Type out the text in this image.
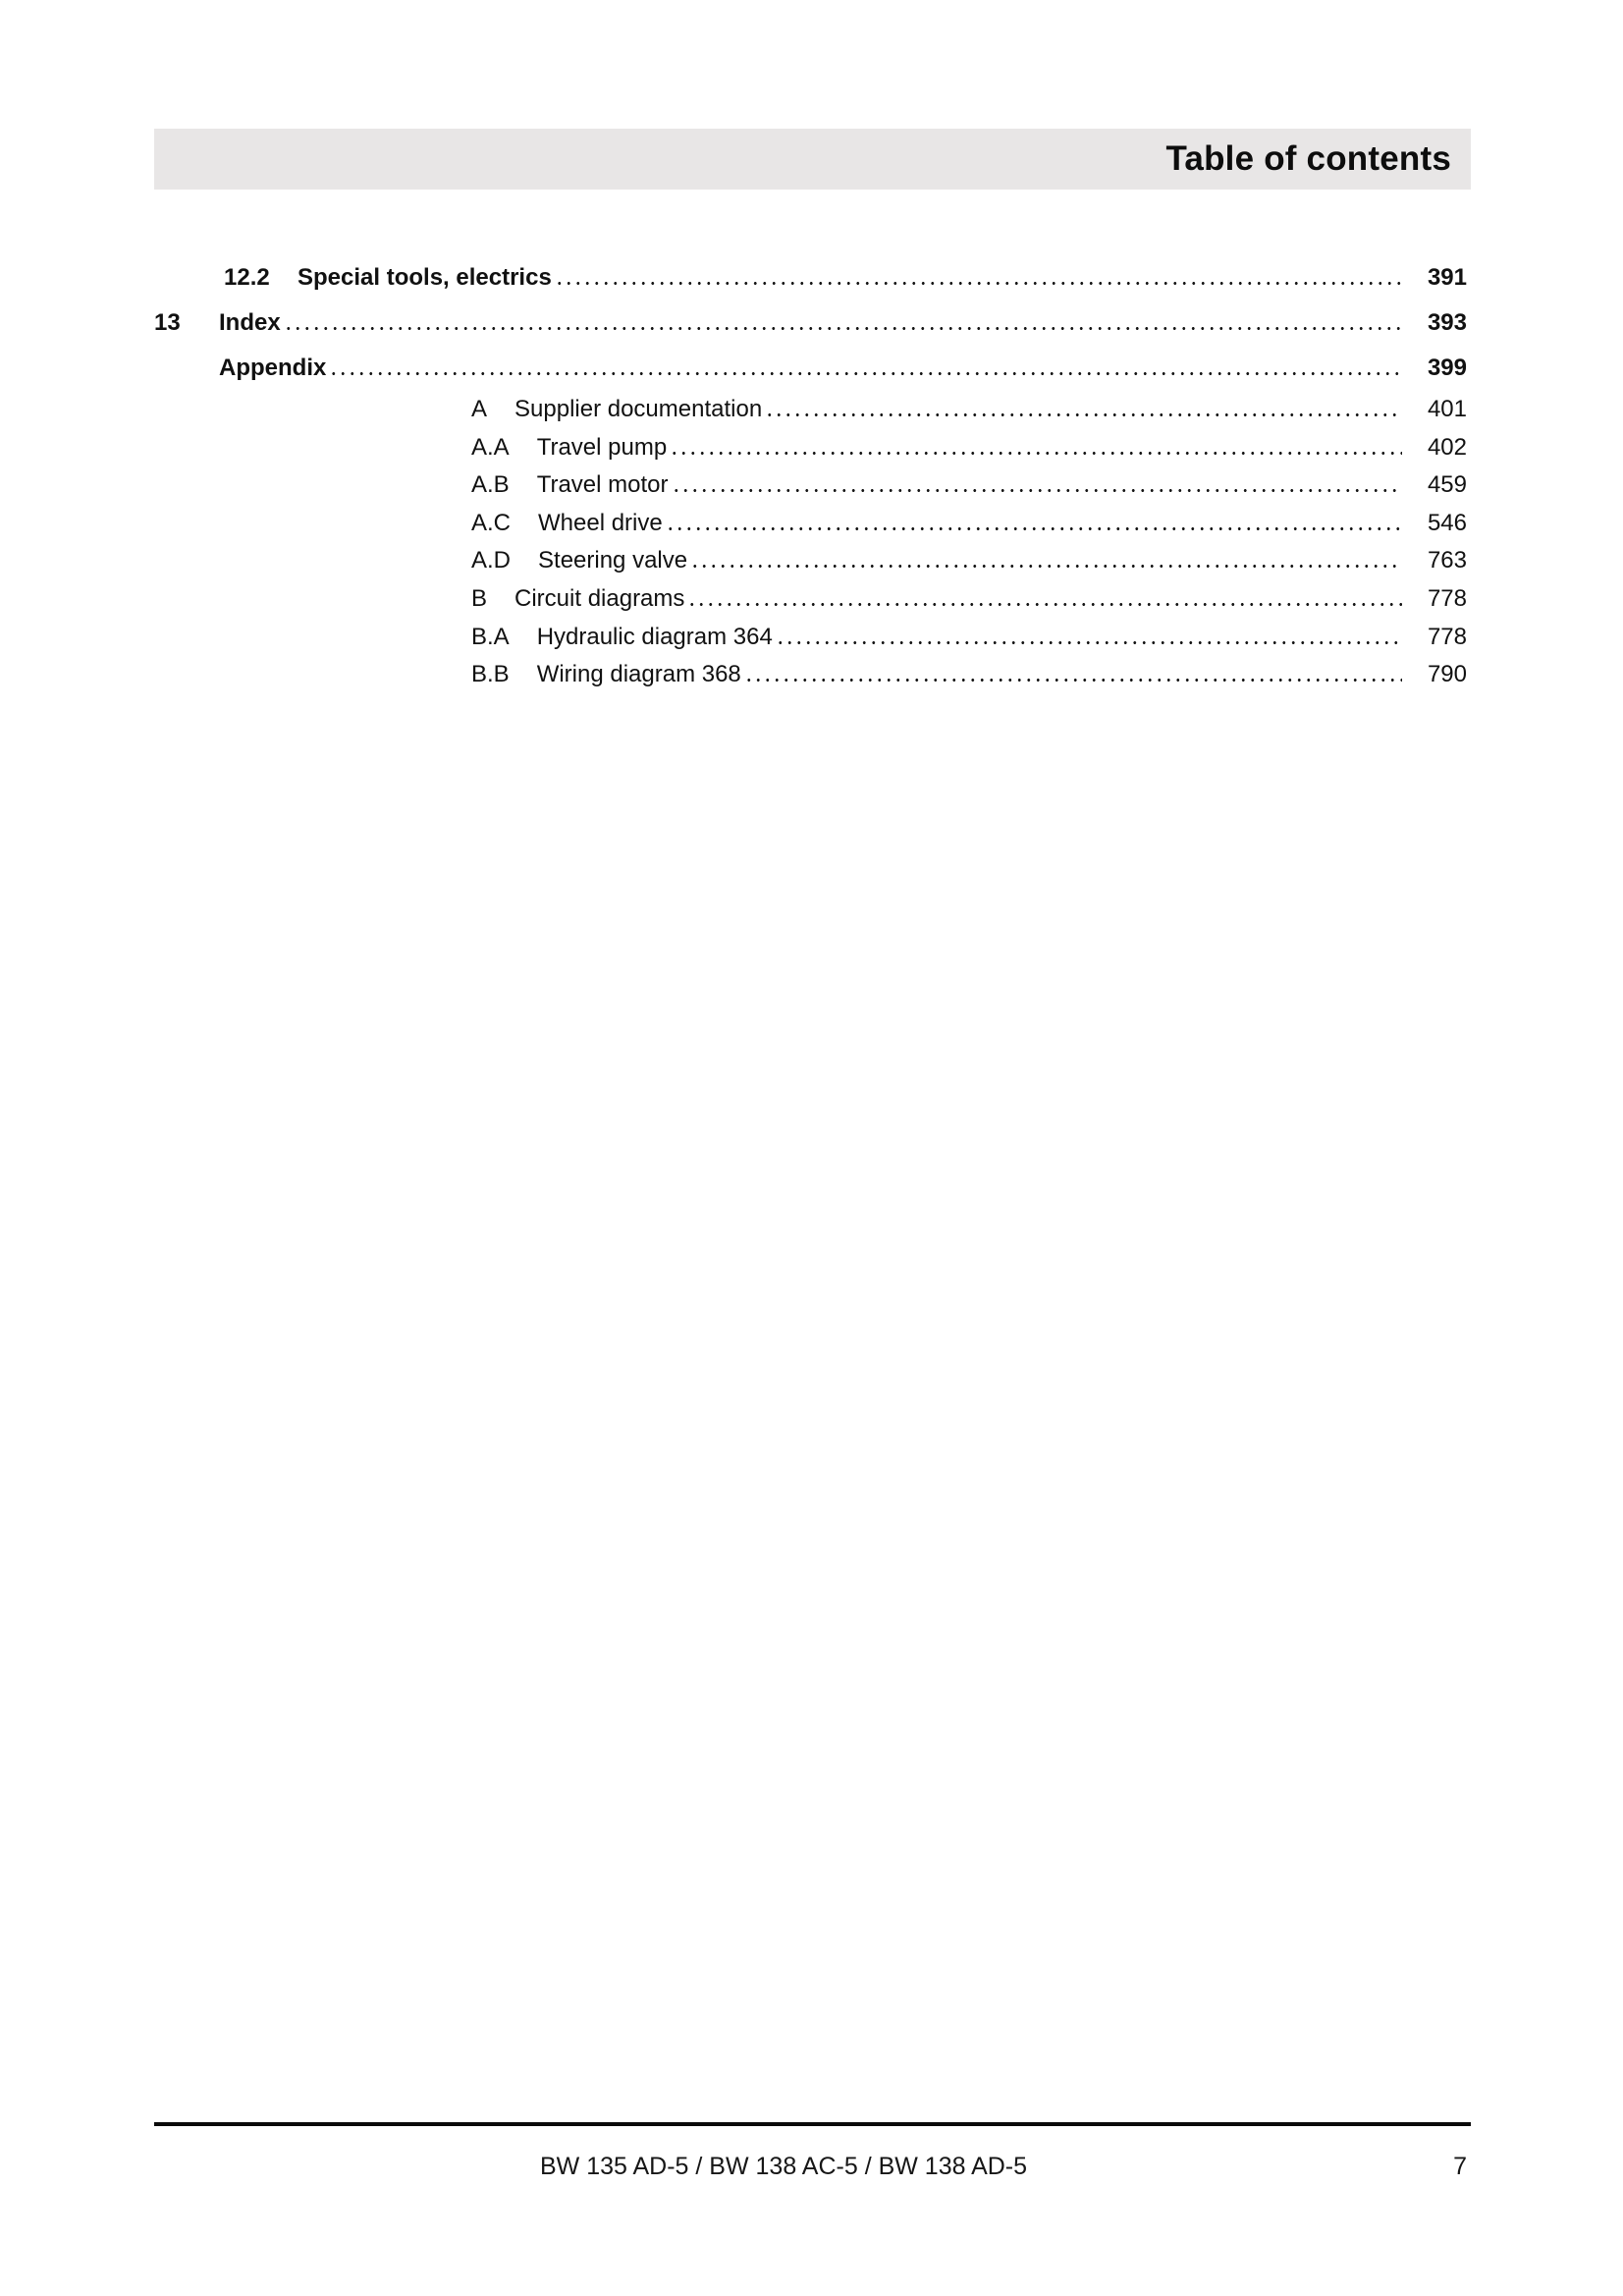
Table of contents
12.2	Special tools, electrics	391
13	Index	393
Appendix	399
A Supplier documentation	401
A.A Travel pump	402
A.B Travel motor	459
A.C Wheel drive	546
A.D Steering valve	763
B Circuit diagrams	778
B.A Hydraulic diagram 364	778
B.B Wiring diagram 368	790
BW 135 AD-5 / BW 138 AC-5 / BW 138 AD-5	7
